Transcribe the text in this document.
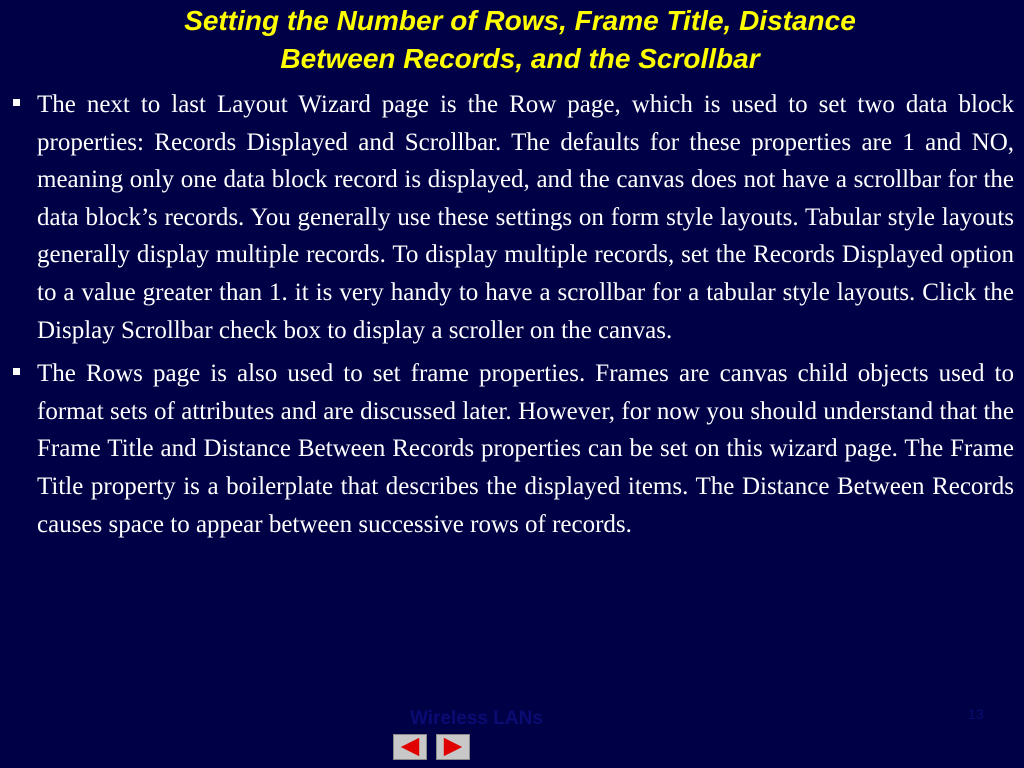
Setting the Number of Rows, Frame Title, Distance
Between Records, and the Scrollbar
The next to last Layout Wizard page is the Row page, which is used to set two data block properties: Records Displayed and Scrollbar. The defaults for these properties are 1 and NO, meaning only one data block record is displayed, and the canvas does not have a scrollbar for the data block’s records. You generally use these settings on form style layouts. Tabular style layouts generally display multiple records. To display multiple records, set the Records Displayed option to a value greater than 1. it is very handy to have a scrollbar for a tabular style layouts. Click the Display Scrollbar check box to display a scroller on the canvas.
The Rows page is also used to set frame properties. Frames are canvas child objects used to format sets of attributes and are discussed later. However, for now you should understand that the Frame Title and Distance Between Records properties can be set on this wizard page. The Frame Title property is a boilerplate that describes the displayed items. The Distance Between Records causes space to appear between successive rows of records.
Wireless LANs	13
